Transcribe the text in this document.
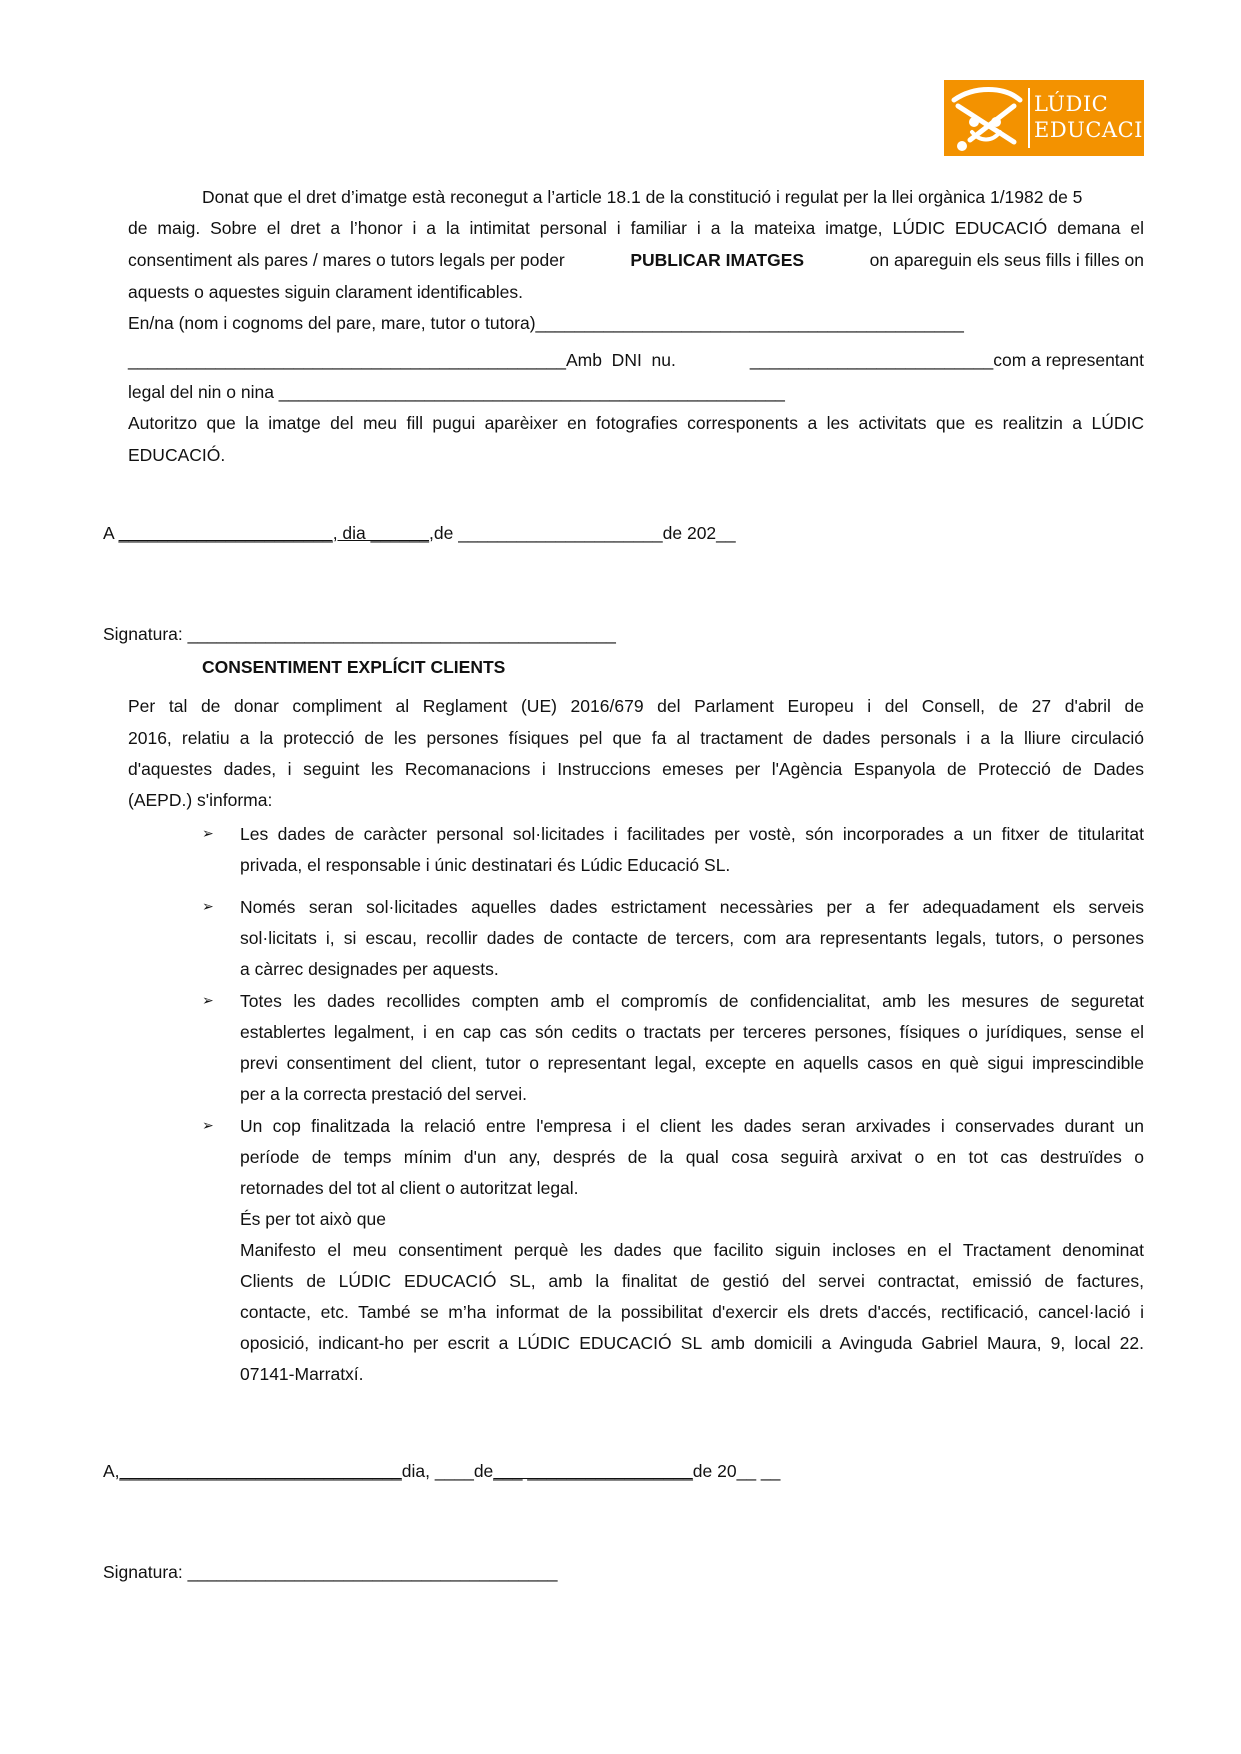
LÚDIC
EDUCACIÓ
Donat que el dret d’imatge està reconegut a l’article 18.1 de la constitució i regulat per la llei orgànica 1/1982 de 5
de maig. Sobre el dret a l’honor i a la intimitat personal i familiar i a la mateixa imatge, LÚDIC EDUCACIÓ demana el
consentiment als pares / mares o tutors legals per poder	PUBLICAR IMATGES	on apareguin els seus fills i filles on
aquests o aquestes siguin clarament identificables.
En/na (nom i cognoms del pare, mare, tutor o tutora)____________________________________________
_____________________________________________Amb  DNI  nu.	_________________________com a representant
legal del nin o nina ____________________________________________________
Autoritzo que la imatge del meu fill pugui aparèixer en fotografies corresponents a les activitats que es realitzin a LÚDIC
EDUCACIÓ.
A ______________________, dia ______,de _____________________de 202__
Signatura: ____________________________________________
CONSENTIMENT EXPLÍCIT CLIENTS
Per tal de donar compliment al Reglament (UE) 2016/679 del Parlament Europeu i del Consell, de 27 d'abril de
2016, relatiu a la protecció de les persones físiques pel que fa al tractament de dades personals i a la lliure circulació
d'aquestes dades, i seguint les Recomanacions i Instruccions emeses per l'Agència Espanyola de Protecció de Dades
(AEPD.) s'informa:
➢ Les dades de caràcter personal sol·licitades i facilitades per vostè, són incorporades a un fitxer de titularitat
privada, el responsable i únic destinatari és Lúdic Educació SL.
➢ Només seran sol·licitades aquelles dades estrictament necessàries per a fer adequadament els serveis
sol·licitats i, si escau, recollir dades de contacte de tercers, com ara representants legals, tutors, o persones
a càrrec designades per aquests.
➢ Totes les dades recollides compten amb el compromís de confidencialitat, amb les mesures de seguretat
establertes legalment, i en cap cas són cedits o tractats per terceres persones, físiques o jurídiques, sense el
previ consentiment del client, tutor o representant legal, excepte en aquells casos en què sigui imprescindible
per a la correcta prestació del servei.
➢ Un cop finalitzada la relació entre l'empresa i el client les dades seran arxivades i conservades durant un
període de temps mínim d'un any, després de la qual cosa seguirà arxivat o en tot cas destruïdes o
retornades del tot al client o autoritzat legal.
És per tot això que
Manifesto el meu consentiment perquè les dades que facilito siguin incloses en el Tractament denominat
Clients de LÚDIC EDUCACIÓ SL, amb la finalitat de gestió del servei contractat, emissió de factures,
contacte, etc. També se m’ha informat de la possibilitat d'exercir els drets d'accés, rectificació, cancel·lació i
oposició, indicant-ho per escrit a LÚDIC EDUCACIÓ SL amb domicili a Avinguda Gabriel Maura, 9, local 22.
07141-Marratxí.
A,_____________________________dia, ____de___ _________________de 20__ __
Signatura: ______________________________________
